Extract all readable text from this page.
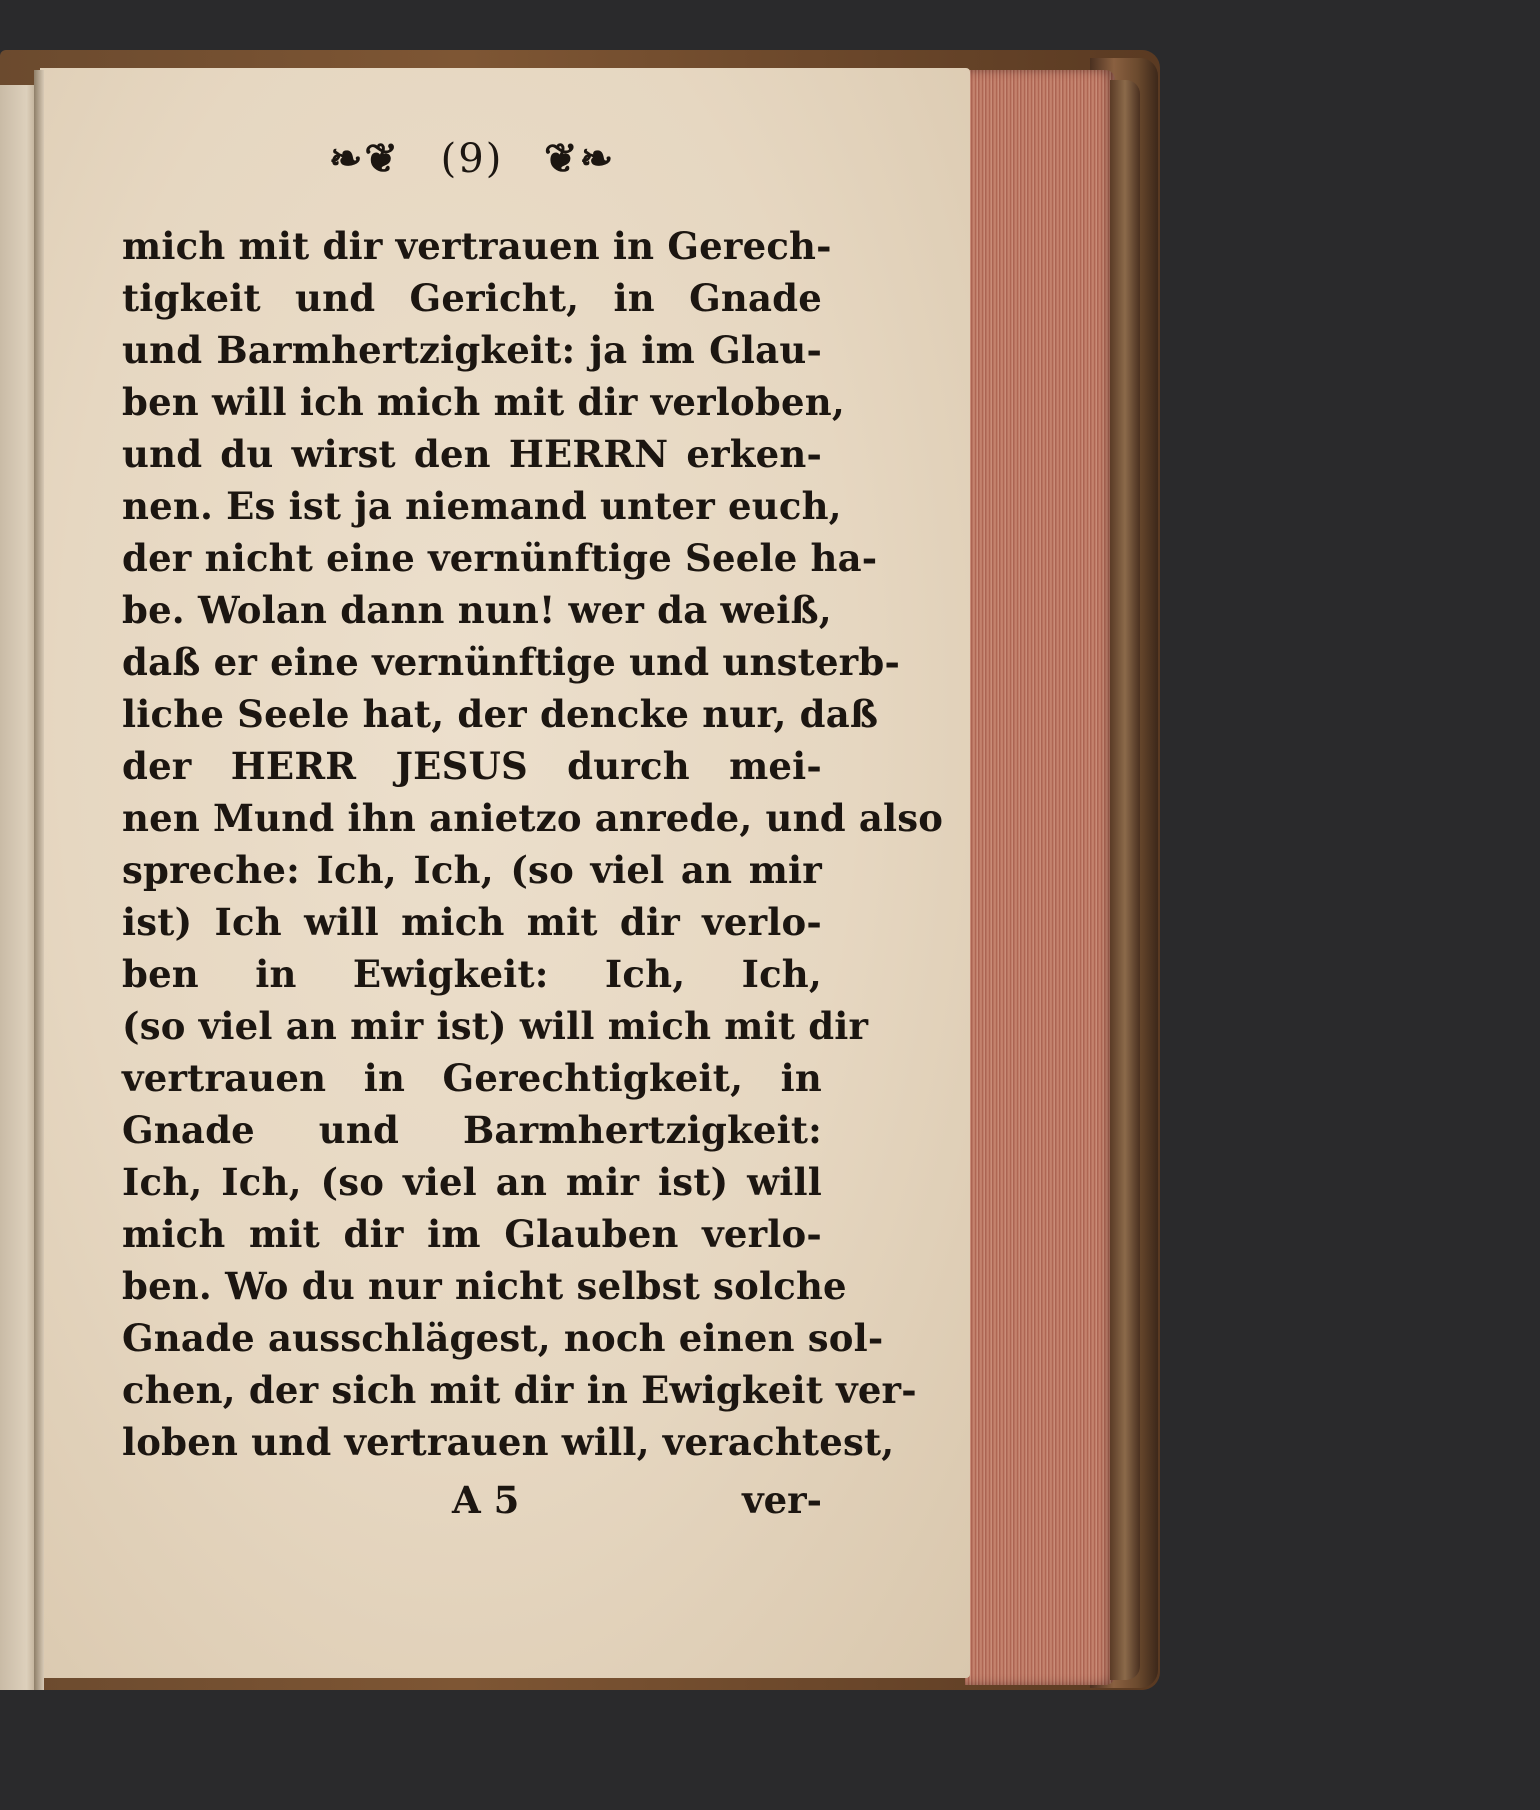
❧❦ (9) ❦❧
mich mit dir vertrauen in Gerech-
tigkeit und Gericht, in Gnade
und Barmhertzigkeit: ja im Glau-
ben will ich mich mit dir verloben,
und du wirst den HERRN erken-
nen. Es ist ja niemand unter euch,
der nicht eine vernünftige Seele ha-
be. Wolan dann nun! wer da weiß,
daß er eine vernünftige und unsterb-
liche Seele hat, der dencke nur, daß
der HERR JESUS durch mei-
nen Mund ihn anietzo anrede, und also
spreche: Ich, Ich, (so viel an mir
ist) Ich will mich mit dir verlo-
ben in Ewigkeit: Ich, Ich,
(so viel an mir ist) will mich mit dir
vertrauen in Gerechtigkeit, in
Gnade und Barmhertzigkeit:
Ich, Ich, (so viel an mir ist) will
mich mit dir im Glauben verlo-
ben. Wo du nur nicht selbst solche
Gnade ausschlägest, noch einen sol-
chen, der sich mit dir in Ewigkeit ver-
loben und vertrauen will, verachtest,
A 5	ver-
